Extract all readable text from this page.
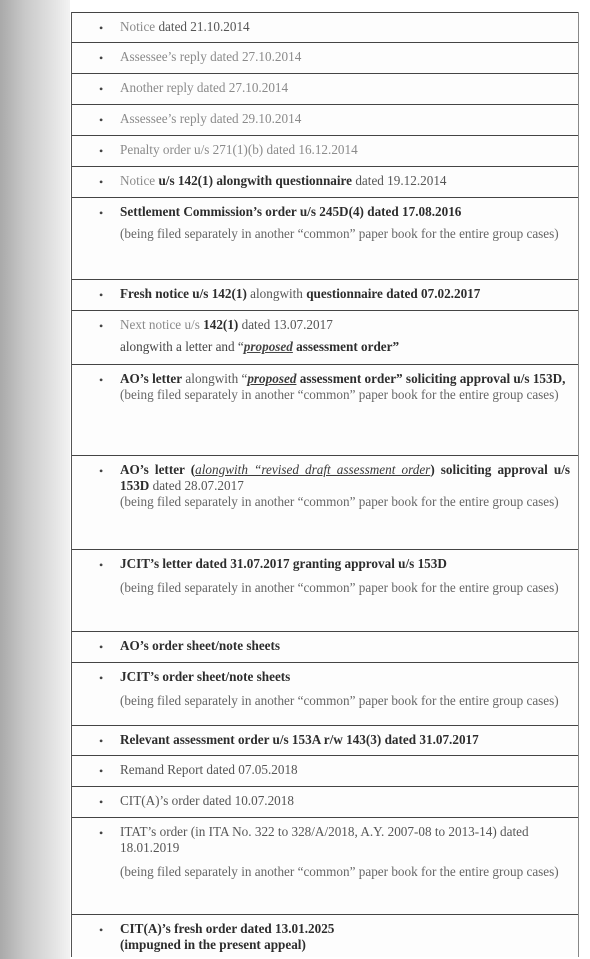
• Notice dated 21.10.2014
• Assessee’s reply dated 27.10.2014
• Another reply dated 27.10.2014
• Assessee’s reply dated 29.10.2014
• Penalty order u/s 271(1)(b) dated 16.12.2014
• Notice u/s 142(1) alongwith questionnaire dated 19.12.2014
• Settlement Commission’s order u/s 245D(4) dated 17.08.2016
(being filed separately in another “common” paper book for the entire group cases)
• Fresh notice u/s 142(1) alongwith questionnaire dated 07.02.2017
• Next notice u/s 142(1) dated 13.07.2017
alongwith a letter and “proposed assessment order”
• AO’s letter alongwith “proposed assessment order” soliciting approval u/s 153D,
(being filed separately in another “common” paper book for the entire group cases)
• AO’s letter (alongwith “revised draft assessment order) soliciting approval u/s 153D dated 28.07.2017
(being filed separately in another “common” paper book for the entire group cases)
• JCIT’s letter dated 31.07.2017 granting approval u/s 153D
(being filed separately in another “common” paper book for the entire group cases)
• AO’s order sheet/note sheets
• JCIT’s order sheet/note sheets
(being filed separately in another “common” paper book for the entire group cases)
• Relevant assessment order u/s 153A r/w 143(3) dated 31.07.2017
• Remand Report dated 07.05.2018
• CIT(A)’s order dated 10.07.2018
• ITAT’s order (in ITA No. 322 to 328/A/2018, A.Y. 2007-08 to 2013-14) dated 18.01.2019
(being filed separately in another “common” paper book for the entire group cases)
• CIT(A)’s fresh order dated 13.01.2025
(impugned in the present appeal)
